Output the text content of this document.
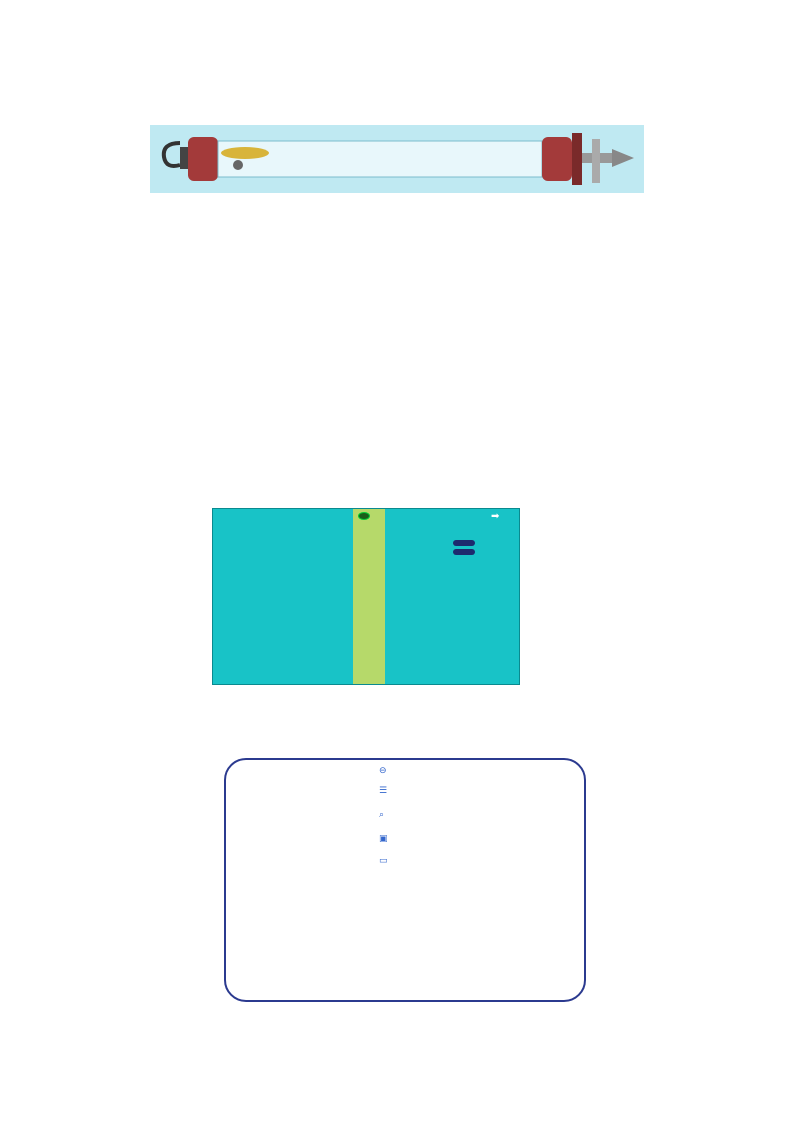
➡
⊖
☰
⌕
▣
▭
